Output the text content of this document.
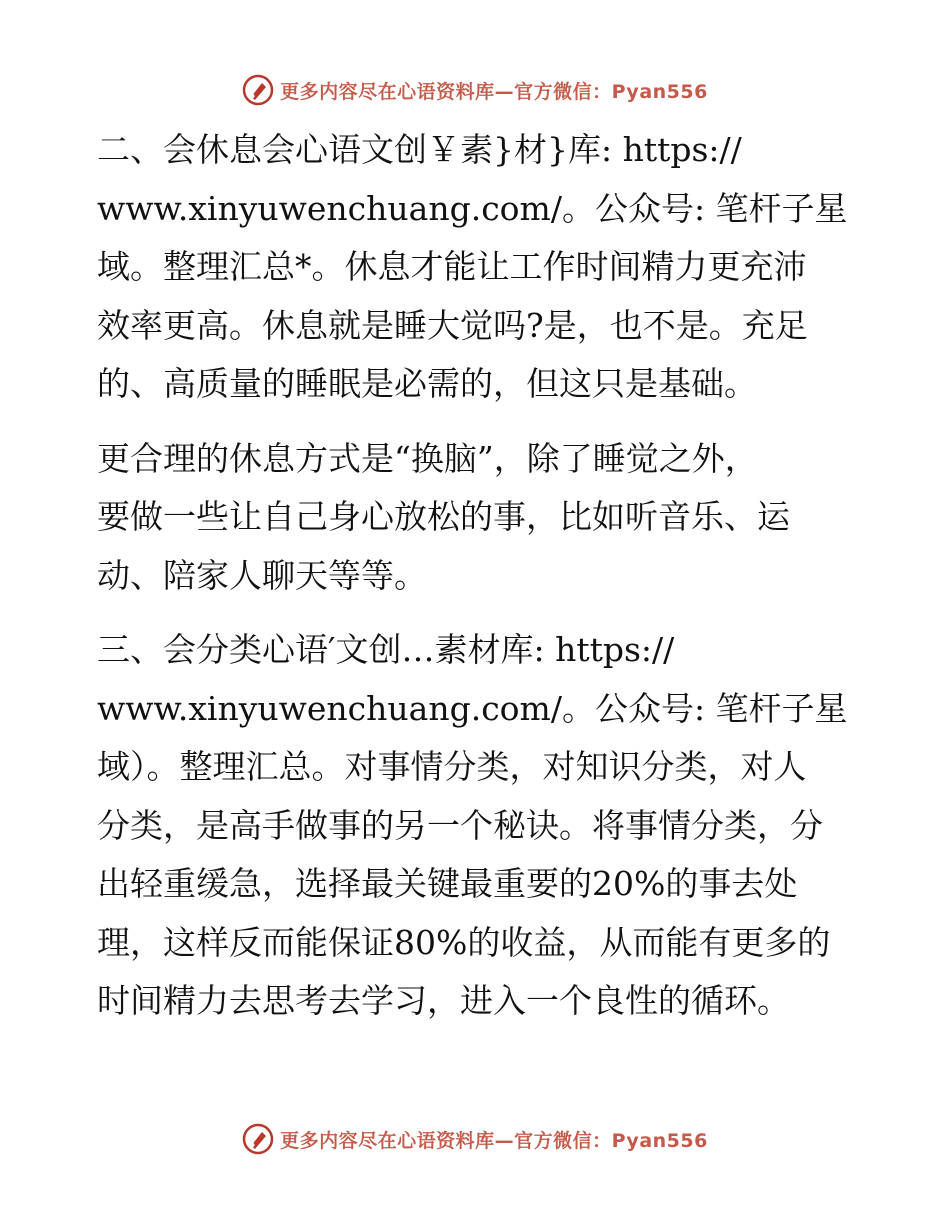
更多内容尽在心语资料库—官方微信：Pyan556
二、会休息会心语文创￥素}材}库: https://
www.xinyuwenchuang.com/。公众号: 笔杆子星
域。整理汇总*。休息才能让工作时间精力更充沛
效率更高。休息就是睡大觉吗?是，也不是。充足
的、高质量的睡眠是必需的，但这只是基础。
更合理的休息方式是“换脑”，除了睡觉之外，
要做一些让自己身心放松的事，比如听音乐、运
动、陪家人聊天等等。
三、会分类心语′文创…素材库: https://
www.xinyuwenchuang.com/。公众号: 笔杆子星
域）。整理汇总。对事情分类，对知识分类，对人
分类，是高手做事的另一个秘诀。将事情分类，分
出轻重缓急，选择最关键最重要的20%的事去处
理，这样反而能保证80%的收益，从而能有更多的
时间精力去思考去学习，进入一个良性的循环。
更多内容尽在心语资料库—官方微信：Pyan556
